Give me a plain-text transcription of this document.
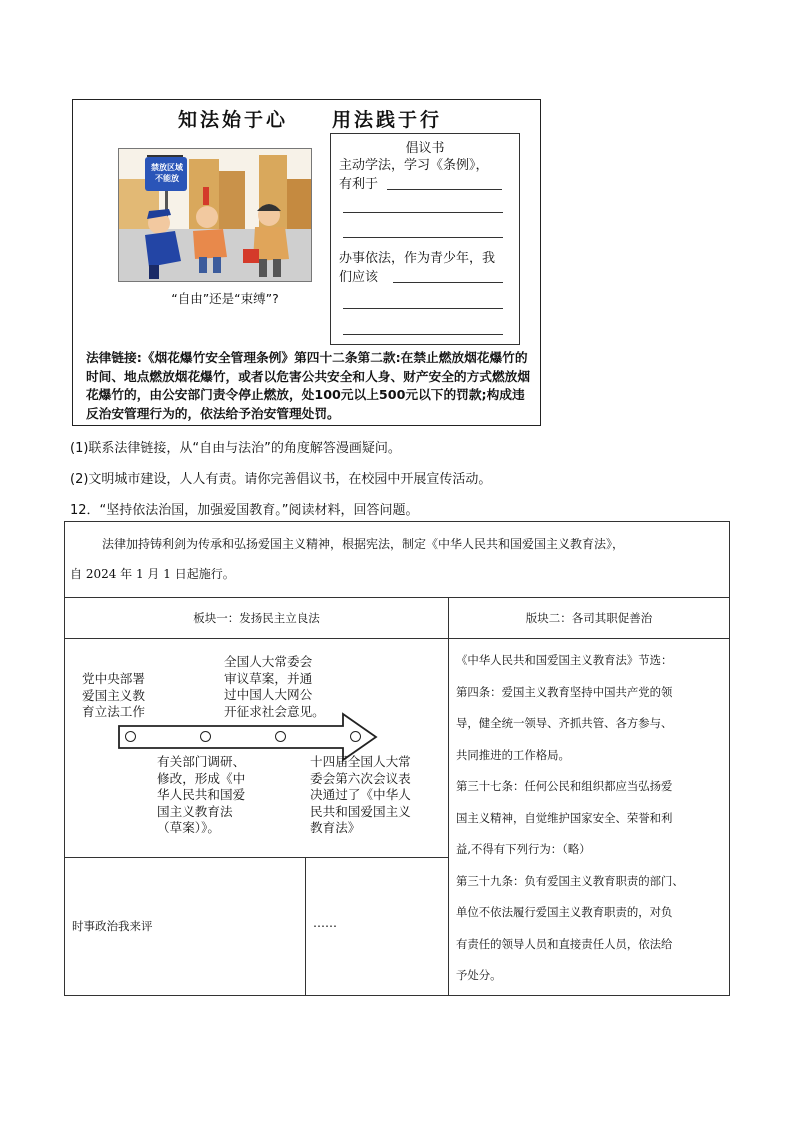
知法始于心　　用法践于行
禁放区域
不能放
“自由”还是“束缚”?
倡议书
主动学法，学习《条例》，
有利于
办事依法，作为青少年，我
们应该
法律链接:《烟花爆竹安全管理条例》第四十二条第二款:在禁止燃放烟花爆竹的时间、地点燃放烟花爆竹，或者以危害公共安全和人身、财产安全的方式燃放烟花爆竹的，由公安部门责令停止燃放，处100元以上500元以下的罚款;构成违反治安管理行为的，依法给予治安管理处罚。
(1)联系法律链接，从“自由与法治”的角度解答漫画疑问。
(2)文明城市建设，人人有责。请你完善倡议书，在校园中开展宣传活动。
12．“坚持依法治国，加强爱国教育。”阅读材料，回答问题。
法律加持铸利剑为传承和弘扬爱国主义精神，根据宪法，制定《中华人民共和国爱国主义教育法》，
自 2024 年 1 月 1 日起施行。
板块一：发扬民主立良法	版块二：各司其职促善治
党中央部署
爱国主义教
育立法工作
全国人大常委会
审议草案，并通
过中国人大网公
开征求社会意见。
有关部门调研、
修改，形成《中
华人民共和国爱
国主义教育法
（草案）》。
十四届全国人大常
委会第六次会议表
决通过了《中华人
民共和国爱国主义
教育法》
《中华人民共和国爱国主义教育法》节选：
第四条：爱国主义教育坚持中国共产党的领
导，健全统一领导、齐抓共管、各方参与、
共同推进的工作格局。
第三十七条：任何公民和组织都应当弘扬爱
国主义精神，自觉维护国家安全、荣誉和利
益,不得有下列行为：（略）
第三十九条：负有爱国主义教育职责的部门、
单位不依法履行爱国主义教育职责的，对负
有责任的领导人员和直接责任人员，依法给
予处分。
时事政治我来评	……
